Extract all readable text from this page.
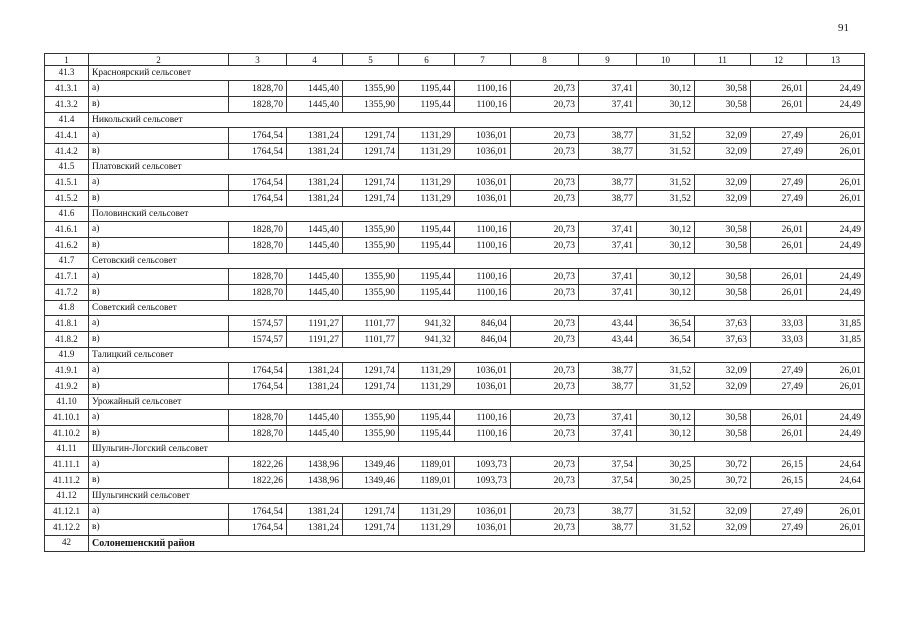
91
1	2	3	4	5	6	7	8	9	10	11	12	13
41.3	Красноярский сельсовет											
41.3.1	а)	1828,70	1445,40	1355,90	1195,44	1100,16	20,73	37,41	30,12	30,58	26,01	24,49
41.3.2	в)	1828,70	1445,40	1355,90	1195,44	1100,16	20,73	37,41	30,12	30,58	26,01	24,49
41.4	Никольский сельсовет											
41.4.1	а)	1764,54	1381,24	1291,74	1131,29	1036,01	20,73	38,77	31,52	32,09	27,49	26,01
41.4.2	в)	1764,54	1381,24	1291,74	1131,29	1036,01	20,73	38,77	31,52	32,09	27,49	26,01
41.5	Платовский сельсовет											
41.5.1	а)	1764,54	1381,24	1291,74	1131,29	1036,01	20,73	38,77	31,52	32,09	27,49	26,01
41.5.2	в)	1764,54	1381,24	1291,74	1131,29	1036,01	20,73	38,77	31,52	32,09	27,49	26,01
41.6	Половинский сельсовет											
41.6.1	а)	1828,70	1445,40	1355,90	1195,44	1100,16	20,73	37,41	30,12	30,58	26,01	24,49
41.6.2	в)	1828,70	1445,40	1355,90	1195,44	1100,16	20,73	37,41	30,12	30,58	26,01	24,49
41.7	Сетовский сельсовет											
41.7.1	а)	1828,70	1445,40	1355,90	1195,44	1100,16	20,73	37,41	30,12	30,58	26,01	24,49
41.7.2	в)	1828,70	1445,40	1355,90	1195,44	1100,16	20,73	37,41	30,12	30,58	26,01	24,49
41.8	Советский сельсовет											
41.8.1	а)	1574,57	1191,27	1101,77	941,32	846,04	20,73	43,44	36,54	37,63	33,03	31,85
41.8.2	в)	1574,57	1191,27	1101,77	941,32	846,04	20,73	43,44	36,54	37,63	33,03	31,85
41.9	Талицкий сельсовет											
41.9.1	а)	1764,54	1381,24	1291,74	1131,29	1036,01	20,73	38,77	31,52	32,09	27,49	26,01
41.9.2	в)	1764,54	1381,24	1291,74	1131,29	1036,01	20,73	38,77	31,52	32,09	27,49	26,01
41.10	Урожайный сельсовет											
41.10.1	а)	1828,70	1445,40	1355,90	1195,44	1100,16	20,73	37,41	30,12	30,58	26,01	24,49
41.10.2	в)	1828,70	1445,40	1355,90	1195,44	1100,16	20,73	37,41	30,12	30,58	26,01	24,49
41.11	Шульгин-Логский сельсовет											
41.11.1	а)	1822,26	1438,96	1349,46	1189,01	1093,73	20,73	37,54	30,25	30,72	26,15	24,64
41.11.2	в)	1822,26	1438,96	1349,46	1189,01	1093,73	20,73	37,54	30,25	30,72	26,15	24,64
41.12	Шульгинский сельсовет											
41.12.1	а)	1764,54	1381,24	1291,74	1131,29	1036,01	20,73	38,77	31,52	32,09	27,49	26,01
41.12.2	в)	1764,54	1381,24	1291,74	1131,29	1036,01	20,73	38,77	31,52	32,09	27,49	26,01
42	Солонешенский район											
